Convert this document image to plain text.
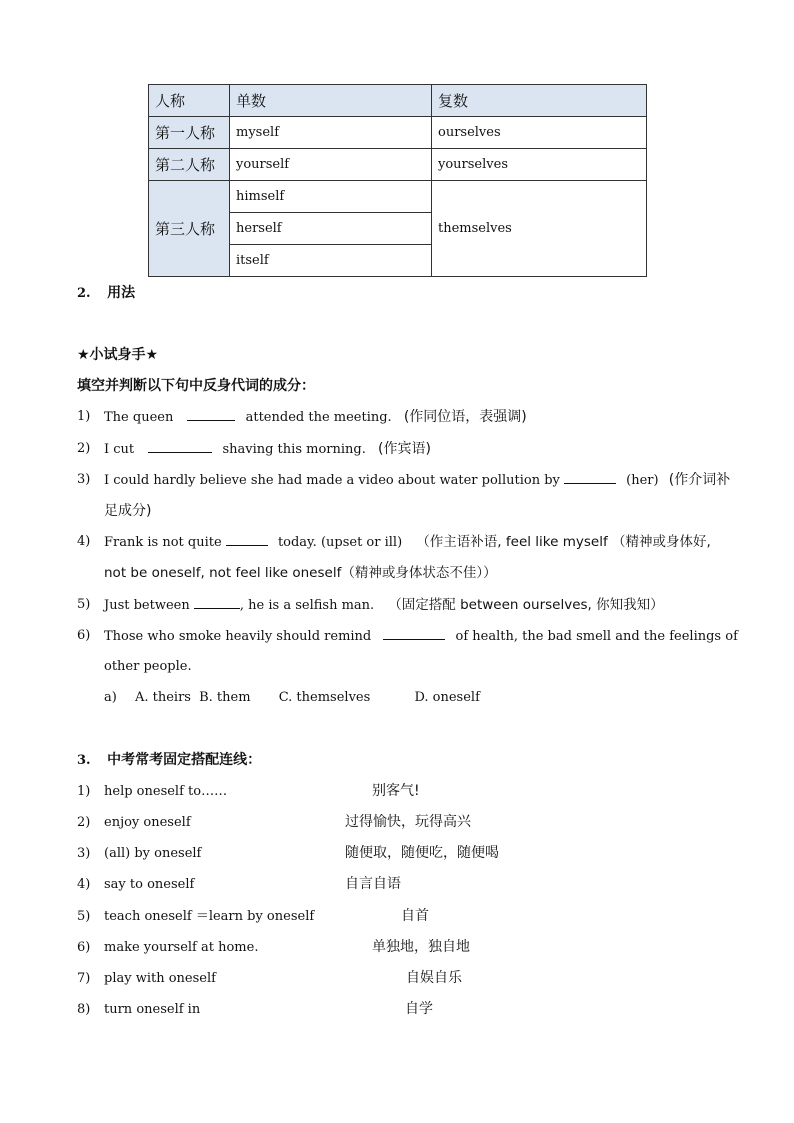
人称	单数	复数
第一人称	myself	ourselves
第二人称	yourself	yourselves
第三人称	himself	themselves
	herself	
	itself	
2. 用法
★小试身手★
填空并判断以下句中反身代词的成分：
1) The queen	attended the meeting. (作同位语，表强调)
2) I cut	shaving this morning. (作宾语)
3) I could hardly believe she had made a video about water pollution by	(her) (作介词补
足成分)
4) Frank is not quite	today. (upset or ill) （作主语补语, feel like myself （精神或身体好,
not be oneself, not feel like oneself（精神或身体状态不佳））
5) Just between	, he is a selfish man. （固定搭配 between ourselves, 你知我知）
6) Those who smoke heavily should remind	of health, the bad smell and the feelings of
other people.
a) A. theirs B. them C. themselves	D. oneself
3. 中考常考固定搭配连线：
1) help oneself to……	别客气!
2) enjoy oneself	过得愉快，玩得高兴
3) (all) by oneself	随便取，随便吃，随便喝
4) say to oneself	自言自语
5) teach oneself ＝learn by oneself	自首
6) make yourself at home.	单独地，独自地
7) play with oneself	自娱自乐
8) turn oneself in	自学
